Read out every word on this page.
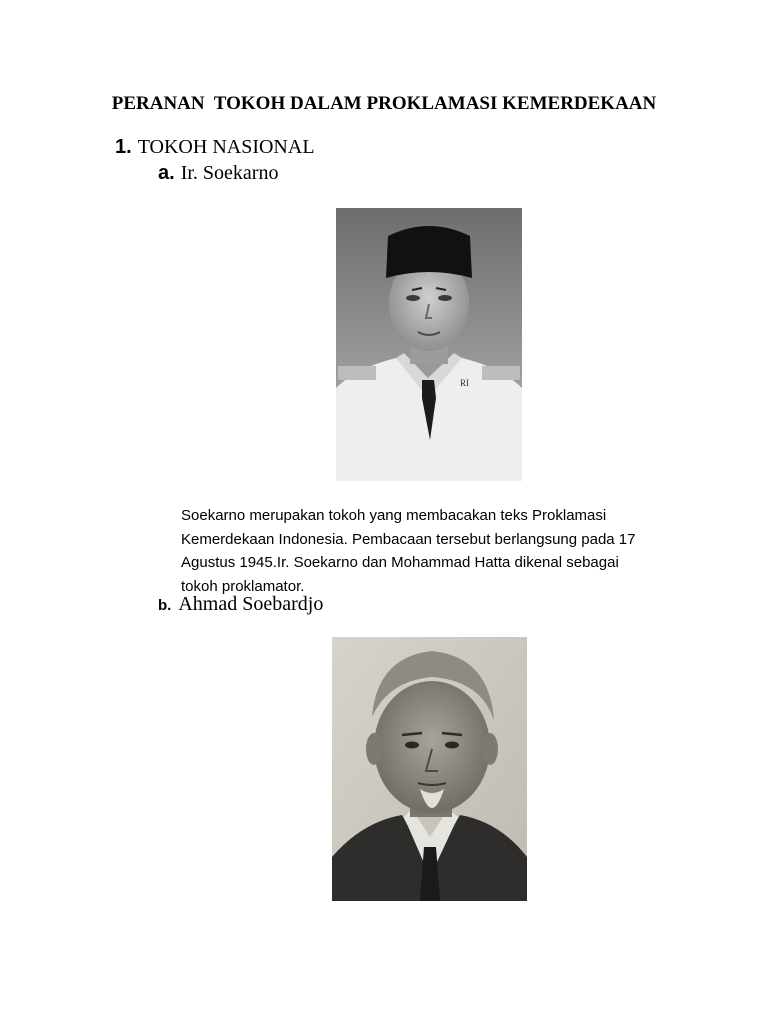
PERANAN  TOKOH DALAM PROKLAMASI KEMERDEKAAN
1. TOKOH NASIONAL
a. Ir. Soekarno
RI
Soekarno merupakan tokoh yang membacakan teks Proklamasi
Kemerdekaan Indonesia. Pembacaan tersebut berlangsung pada 17
Agustus 1945.Ir. Soekarno dan Mohammad Hatta dikenal sebagai
tokoh proklamator.
b. Ahmad Soebardjo
